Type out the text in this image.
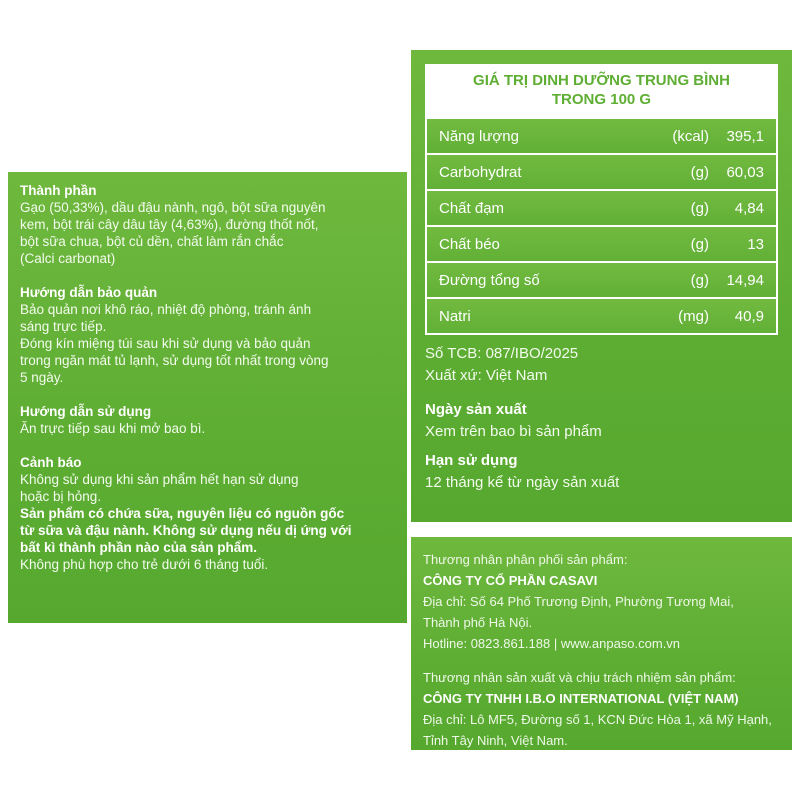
Thành phần

Gạo (50,33%), dầu đậu nành, ngô, bột sữa nguyên

kem, bột trái cây dâu tây (4,63%), đường thốt nốt,

bột sữa chua, bột củ dền, chất làm rắn chắc

(Calci carbonat)

Hướng dẫn bảo quản

Bảo quản nơi khô ráo, nhiệt độ phòng, tránh ánh

sáng trực tiếp.

Đóng kín miệng túi sau khi sử dụng và bảo quản

trong ngăn mát tủ lạnh, sử dụng tốt nhất trong vòng

5 ngày.

Hướng dẫn sử dụng

Ăn trực tiếp sau khi mở bao bì.

Cảnh báo

Không sử dụng khi sản phẩm hết hạn sử dụng

hoặc bị hỏng.

Sản phẩm có chứa sữa, nguyên liệu có nguồn gốc

từ sữa và đậu nành. Không sử dụng nếu dị ứng với

bất kì thành phần nào của sản phẩm.

Không phù hợp cho trẻ dưới 6 tháng tuổi.

GIÁ TRỊ DINH DƯỠNG TRUNG BÌNH
TRONG 100 G
Năng lượng	(kcal) 395,1
Carbohydrat	(g) 60,03
Chất đạm	(g) 4,84
Chất béo	(g)	13
Đường tổng số	(g) 14,94
Natri	(mg) 40,9

Số TCB: 087/IBO/2025

Xuất xứ: Việt Nam

Ngày sản xuất

Xem trên bao bì sản phẩm

Hạn sử dụng

12 tháng kể từ ngày sản xuất

Thương nhân phân phối sản phẩm:

CÔNG TY CỔ PHẦN CASAVI

Địa chỉ: Số 64 Phố Trương Định, Phường Tương Mai,

Thành phố Hà Nội.

Hotline: 0823.861.188 | www.anpaso.com.vn

Thương nhân sản xuất và chịu trách nhiệm sản phẩm:

CÔNG TY TNHH I.B.O INTERNATIONAL (VIỆT NAM)

Địa chỉ: Lô MF5, Đường số 1, KCN Đức Hòa 1, xã Mỹ Hạnh,

Tỉnh Tây Ninh, Việt Nam.
